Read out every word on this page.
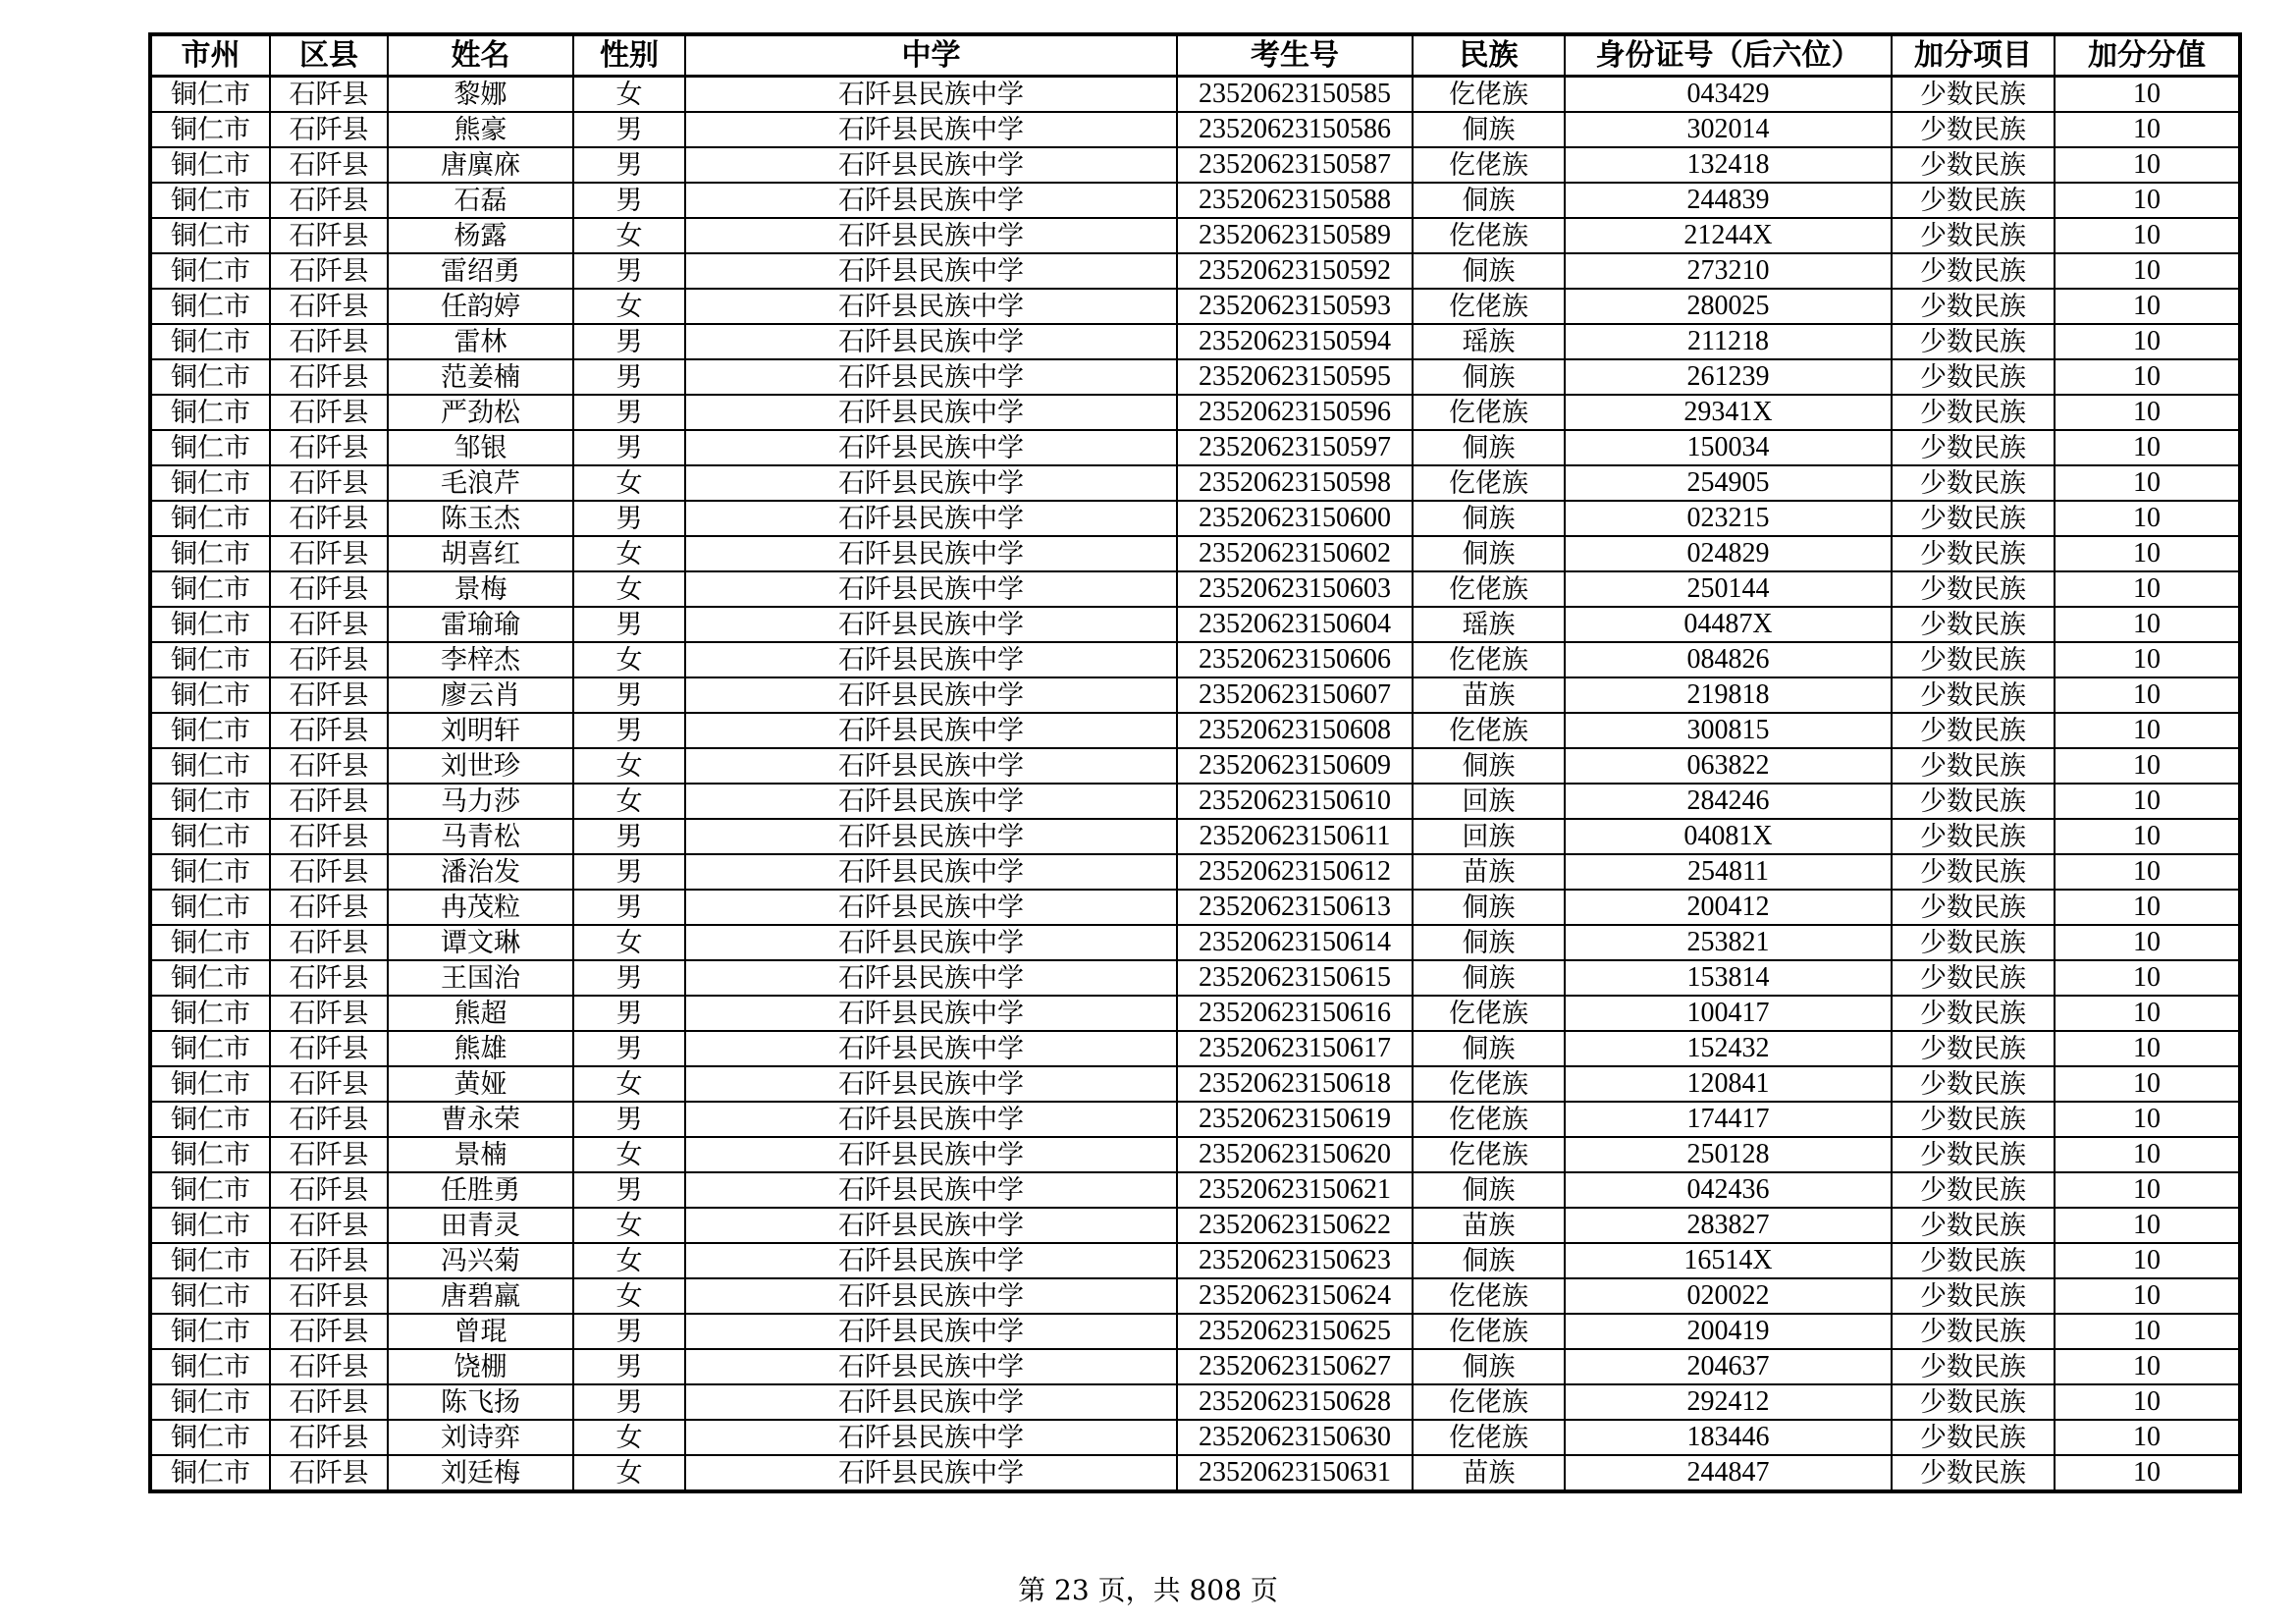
市州	区县	姓名	性别	中学	考生号	民族	身份证号（后六位）	加分项目	加分分值
铜仁市	石阡县	黎娜	女	石阡县民族中学	23520623150585	仡佬族	043429	少数民族	10
铜仁市	石阡县	熊豪	男	石阡县民族中学	23520623150586	侗族	302014	少数民族	10
铜仁市	石阡县	唐廙庥	男	石阡县民族中学	23520623150587	仡佬族	132418	少数民族	10
铜仁市	石阡县	石磊	男	石阡县民族中学	23520623150588	侗族	244839	少数民族	10
铜仁市	石阡县	杨露	女	石阡县民族中学	23520623150589	仡佬族	21244X	少数民族	10
铜仁市	石阡县	雷绍勇	男	石阡县民族中学	23520623150592	侗族	273210	少数民族	10
铜仁市	石阡县	任韵婷	女	石阡县民族中学	23520623150593	仡佬族	280025	少数民族	10
铜仁市	石阡县	雷林	男	石阡县民族中学	23520623150594	瑶族	211218	少数民族	10
铜仁市	石阡县	范姜楠	男	石阡县民族中学	23520623150595	侗族	261239	少数民族	10
铜仁市	石阡县	严劲松	男	石阡县民族中学	23520623150596	仡佬族	29341X	少数民族	10
铜仁市	石阡县	邹银	男	石阡县民族中学	23520623150597	侗族	150034	少数民族	10
铜仁市	石阡县	毛浪芹	女	石阡县民族中学	23520623150598	仡佬族	254905	少数民族	10
铜仁市	石阡县	陈玉杰	男	石阡县民族中学	23520623150600	侗族	023215	少数民族	10
铜仁市	石阡县	胡喜红	女	石阡县民族中学	23520623150602	侗族	024829	少数民族	10
铜仁市	石阡县	景梅	女	石阡县民族中学	23520623150603	仡佬族	250144	少数民族	10
铜仁市	石阡县	雷瑜瑜	男	石阡县民族中学	23520623150604	瑶族	04487X	少数民族	10
铜仁市	石阡县	李梓杰	女	石阡县民族中学	23520623150606	仡佬族	084826	少数民族	10
铜仁市	石阡县	廖云肖	男	石阡县民族中学	23520623150607	苗族	219818	少数民族	10
铜仁市	石阡县	刘明轩	男	石阡县民族中学	23520623150608	仡佬族	300815	少数民族	10
铜仁市	石阡县	刘世珍	女	石阡县民族中学	23520623150609	侗族	063822	少数民族	10
铜仁市	石阡县	马力莎	女	石阡县民族中学	23520623150610	回族	284246	少数民族	10
铜仁市	石阡县	马青松	男	石阡县民族中学	23520623150611	回族	04081X	少数民族	10
铜仁市	石阡县	潘治发	男	石阡县民族中学	23520623150612	苗族	254811	少数民族	10
铜仁市	石阡县	冉茂粒	男	石阡县民族中学	23520623150613	侗族	200412	少数民族	10
铜仁市	石阡县	谭文琳	女	石阡县民族中学	23520623150614	侗族	253821	少数民族	10
铜仁市	石阡县	王国治	男	石阡县民族中学	23520623150615	侗族	153814	少数民族	10
铜仁市	石阡县	熊超	男	石阡县民族中学	23520623150616	仡佬族	100417	少数民族	10
铜仁市	石阡县	熊雄	男	石阡县民族中学	23520623150617	侗族	152432	少数民族	10
铜仁市	石阡县	黄娅	女	石阡县民族中学	23520623150618	仡佬族	120841	少数民族	10
铜仁市	石阡县	曹永荣	男	石阡县民族中学	23520623150619	仡佬族	174417	少数民族	10
铜仁市	石阡县	景楠	女	石阡县民族中学	23520623150620	仡佬族	250128	少数民族	10
铜仁市	石阡县	任胜勇	男	石阡县民族中学	23520623150621	侗族	042436	少数民族	10
铜仁市	石阡县	田青灵	女	石阡县民族中学	23520623150622	苗族	283827	少数民族	10
铜仁市	石阡县	冯兴菊	女	石阡县民族中学	23520623150623	侗族	16514X	少数民族	10
铜仁市	石阡县	唐碧羸	女	石阡县民族中学	23520623150624	仡佬族	020022	少数民族	10
铜仁市	石阡县	曾琨	男	石阡县民族中学	23520623150625	仡佬族	200419	少数民族	10
铜仁市	石阡县	饶棚	男	石阡县民族中学	23520623150627	侗族	204637	少数民族	10
铜仁市	石阡县	陈飞扬	男	石阡县民族中学	23520623150628	仡佬族	292412	少数民族	10
铜仁市	石阡县	刘诗弈	女	石阡县民族中学	23520623150630	仡佬族	183446	少数民族	10
铜仁市	石阡县	刘廷梅	女	石阡县民族中学	23520623150631	苗族	244847	少数民族	10
第 23 页，共 808 页
